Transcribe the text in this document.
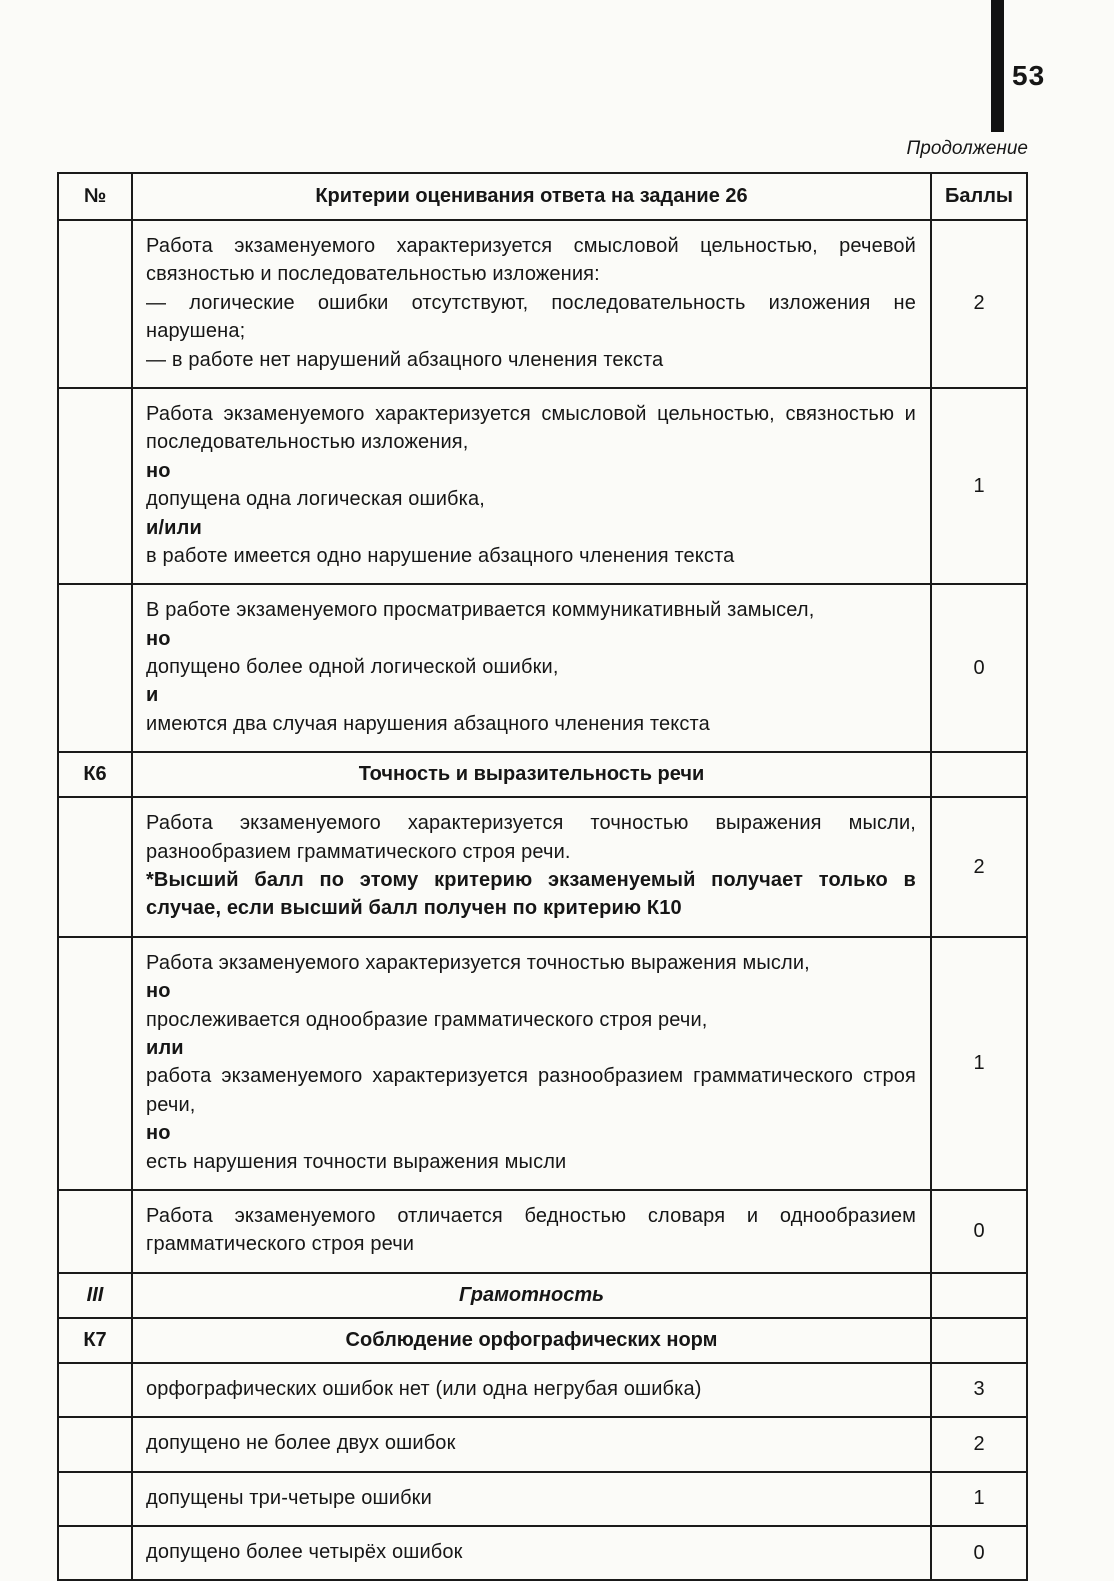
53
Продолжение
№	Критерии оценивания ответа на задание 26	Баллы

	Работа экзаменуемого характеризуется смысловой цельностью, речевой связностью и последовательностью изложения:
— логические ошибки отсутствуют, последовательность изложения не нарушена;
— в работе нет нарушений абзацного членения текста	2

	Работа экзаменуемого характеризуется смысловой цельностью, связностью и последовательностью изложения,
но
допущена одна логическая ошибка,
и/или
в работе имеется одно нарушение абзацного членения текста	1

	В работе экзаменуемого просматривается коммуникативный замысел,
но
допущено более одной логической ошибки,
и
имеются два случая нарушения абзацного членения текста	0
К6	Точность и выразительность речи	

	Работа экзаменуемого характеризуется точностью выражения мысли, разнообразием грамматического строя речи.
*Высший балл по этому критерию экзаменуемый получает только в случае, если высший балл получен по критерию К10	2

Работа экзаменуемого характеризуется точностью выражения мысли,
но
прослеживается однообразие грамматического строя речи,
или
работа экзаменуемого характеризуется разнообразием грамматического строя речи,
но
есть нарушения точности выражения мысли
	1

	Работа экзаменуемого отличается бедностью словаря и однообразием грамматического строя речи	0
III	Грамотность	
К7	Соблюдение орфографических норм	

	орфографических ошибок нет (или одна негрубая ошибка)	3

	допущено не более двух ошибок	2

	допущены три-четыре ошибки	1

	допущено более четырёх ошибок	0
